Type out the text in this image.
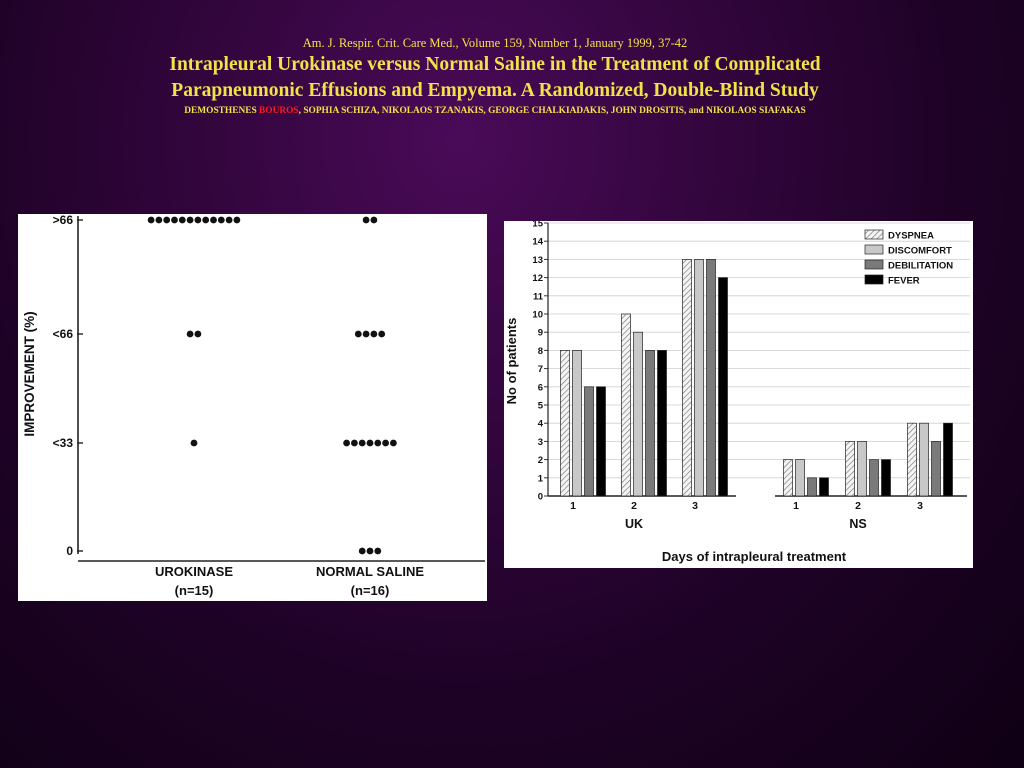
Am. J. Respir. Crit. Care Med., Volume 159, Number 1, January 1999, 37-42
Intrapleural Urokinase versus Normal Saline in the Treatment of Complicated
Parapneumonic Effusions and Empyema. A Randomized, Double-Blind Study
DEMOSTHENES BOUROS, SOPHIA SCHIZA, NIKOLAOS TZANAKIS, GEORGE CHALKIADAKIS, JOHN DROSITIS, and NIKOLAOS SIAFAKAS
0
<33
<66
>66
IMPROVEMENT (%)
UROKINASE
(n=15)
NORMAL SALINE
(n=16)
0
1
2
3
4
5
6
7
8
9
10
11
12
13
14
15
No of patients
1	2	3
UK
1	2	3
NS
Days of intrapleural treatment
DYSPNEA
DISCOMFORT
DEBILITATION
FEVER
